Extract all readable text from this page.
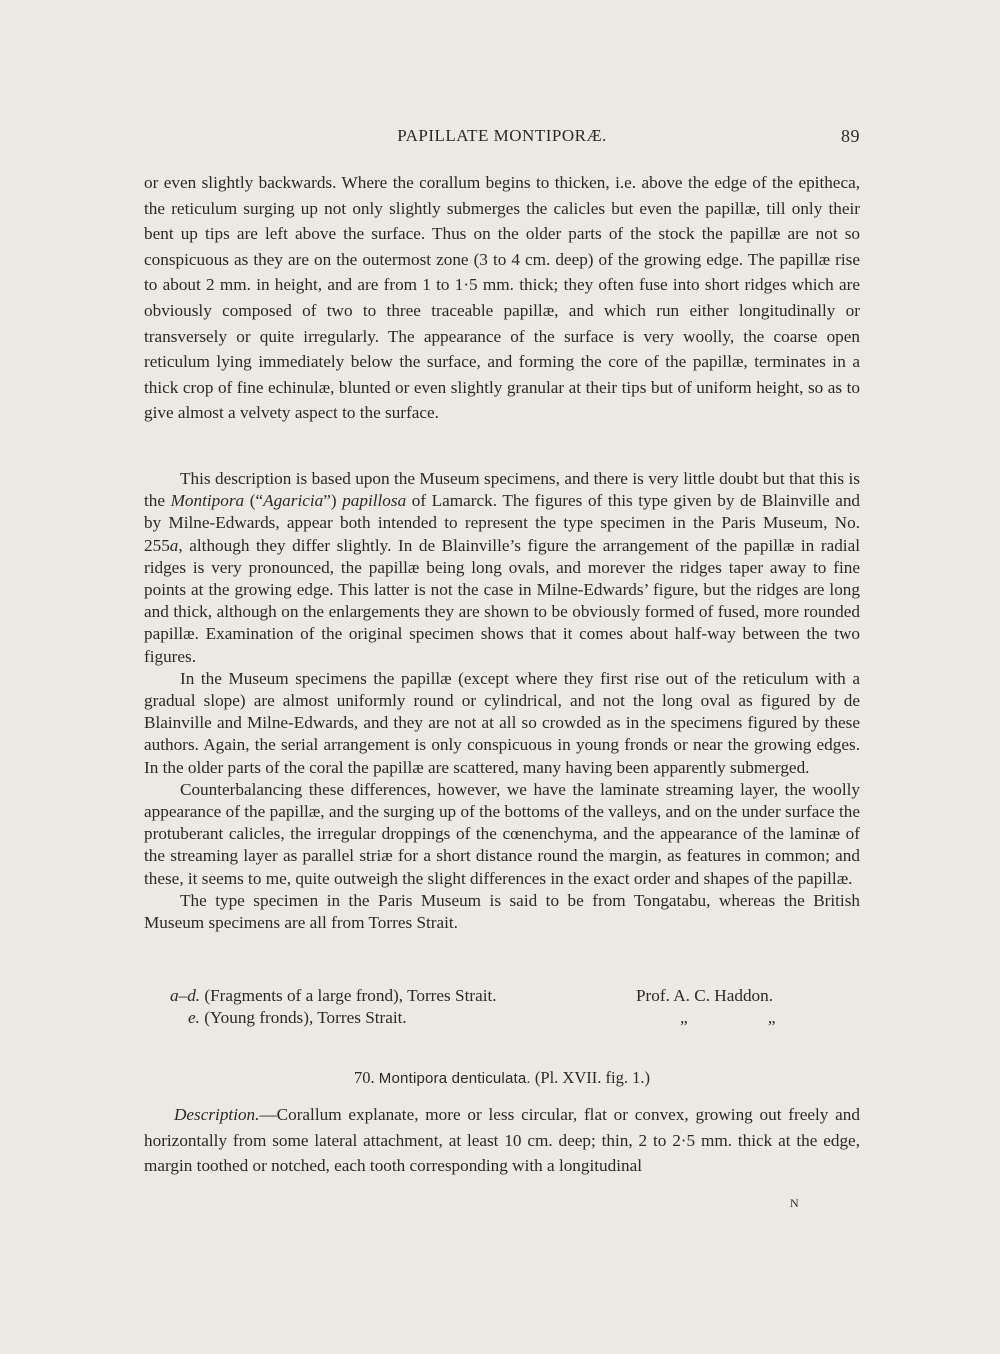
PAPILLATE MONTIPORÆ.	89

or even slightly backwards. Where the corallum begins to thicken, i.e. above the edge of the epitheca, the reticulum surging up not only slightly submerges the calicles but even the papillæ, till only their bent up tips are left above the surface. Thus on the older parts of the stock the papillæ are not so conspicuous as they are on the outermost zone (3 to 4 cm. deep) of the growing edge. The papillæ rise to about 2 mm. in height, and are from 1 to 1·5 mm. thick; they often fuse into short ridges which are obviously composed of two to three traceable papillæ, and which run either longitudinally or transversely or quite irregularly. The appearance of the surface is very woolly, the coarse open reticulum lying immediately below the surface, and forming the core of the papillæ, terminates in a thick crop of fine echinulæ, blunted or even slightly granular at their tips but of uniform height, so as to give almost a velvety aspect to the surface.

This description is based upon the Museum specimens, and there is very little doubt but that this is the Montipora (“Agaricia”) papillosa of Lamarck. The figures of this type given by de Blainville and by Milne-Edwards, appear both intended to represent the type specimen in the Paris Museum, No. 255a, although they differ slightly. In de Blainville’s figure the arrangement of the papillæ in radial ridges is very pronounced, the papillæ being long ovals, and morever the ridges taper away to fine points at the growing edge. This latter is not the case in Milne-Edwards’ figure, but the ridges are long and thick, although on the enlargements they are shown to be obviously formed of fused, more rounded papillæ. Examination of the original specimen shows that it comes about half-way between the two figures.

In the Museum specimens the papillæ (except where they first rise out of the reticulum with a gradual slope) are almost uniformly round or cylindrical, and not the long oval as figured by de Blainville and Milne-Edwards, and they are not at all so crowded as in the specimens figured by these authors. Again, the serial arrangement is only conspicuous in young fronds or near the growing edges. In the older parts of the coral the papillæ are scattered, many having been apparently submerged.

Counterbalancing these differences, however, we have the laminate streaming layer, the woolly appearance of the papillæ, and the surging up of the bottoms of the valleys, and on the under surface the protuberant calicles, the irregular droppings of the cœnenchyma, and the appearance of the laminæ of the streaming layer as parallel striæ for a short distance round the margin, as features in common; and these, it seems to me, quite outweigh the slight differences in the exact order and shapes of the papillæ.

The type specimen in the Paris Museum is said to be from Tongatabu, whereas the British Museum specimens are all from Torres Strait.

a–d. (Fragments of a large frond), Torres Strait.	Prof. A. C. Haddon.
e. (Young fronds), Torres Strait.	„ „
70. Montipora denticulata. (Pl. XVII. fig. 1.)

Description.—Corallum explanate, more or less circular, flat or convex, growing out freely and horizontally from some lateral attachment, at least 10 cm. deep; thin, 2 to 2·5 mm. thick at the edge, margin toothed or notched, each tooth corresponding with a longitudinal

N
